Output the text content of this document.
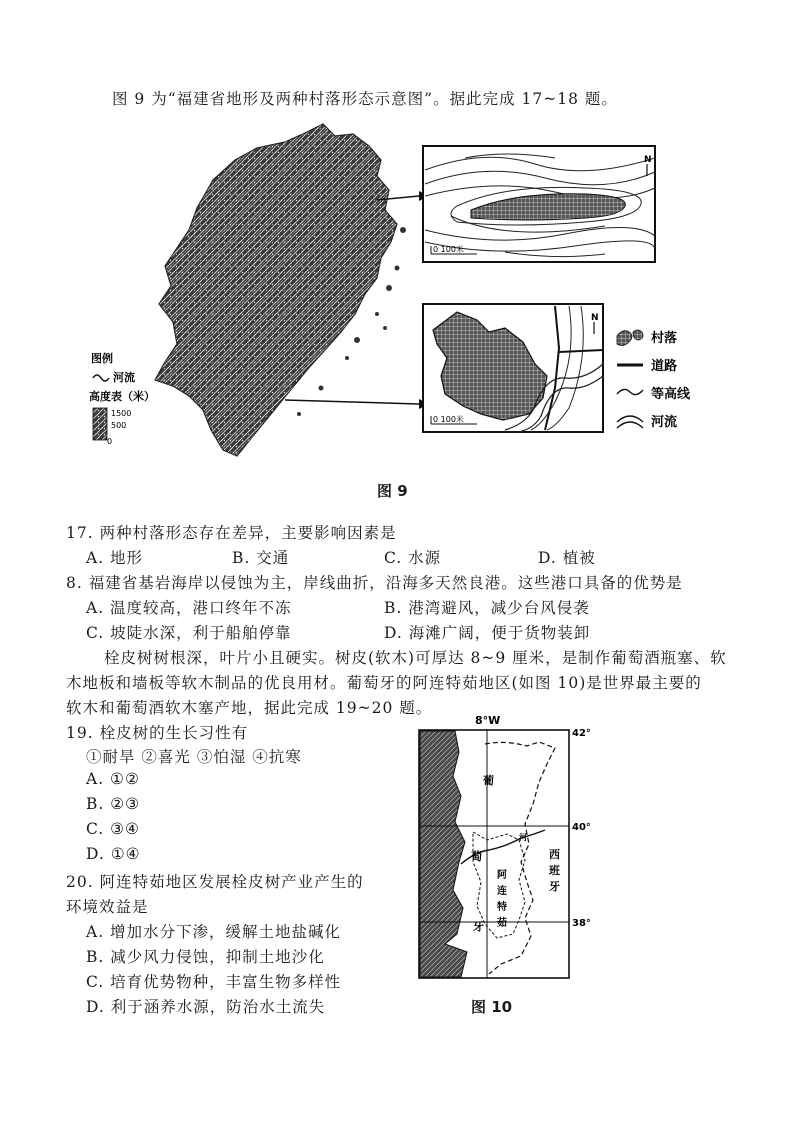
图 9 为“福建省地形及两种村落形态示意图”。据此完成 17~18 题。
图例
河流
高度表（米）
1500
500
0
N
0 100米
N
0 100米
村落
道路
等高线
河流
图 9
17. 两种村落形态存在差异，主要影响因素是
A. 地形	B. 交通	C. 水源	D. 植被
8. 福建省基岩海岸以侵蚀为主，岸线曲折，沿海多天然良港。这些港口具备的优势是
A. 温度较高，港口终年不冻	B. 港湾避风，减少台风侵袭
C. 坡陡水深，利于船舶停靠	D. 海滩广阔，便于货物装卸
栓皮树树根深，叶片小且硬实。树皮(软木)可厚达 8~9 厘米，是制作葡萄酒瓶塞、软
木地板和墙板等软木制品的优良用材。葡萄牙的阿连特茹地区(如图 10)是世界最主要的
软木和葡萄酒软木塞产地，据此完成 19~20 题。
19. 栓皮树的生长习性有
①耐旱 ②喜光 ③怕湿 ④抗寒
A. ①②
B. ②③
C. ③④
D. ①④
20. 阿连特茹地区发展栓皮树产业产生的
环境效益是
A. 增加水分下渗，缓解土地盐碱化
B. 减少风力侵蚀，抑制土地沙化
C. 培育优势物种，丰富生物多样性
D. 利于涵养水源，防治水土流失
8°W
葡
萄
牙
河
西
班
牙
阿
连
特
茹
42°
40°
38°
图 10
